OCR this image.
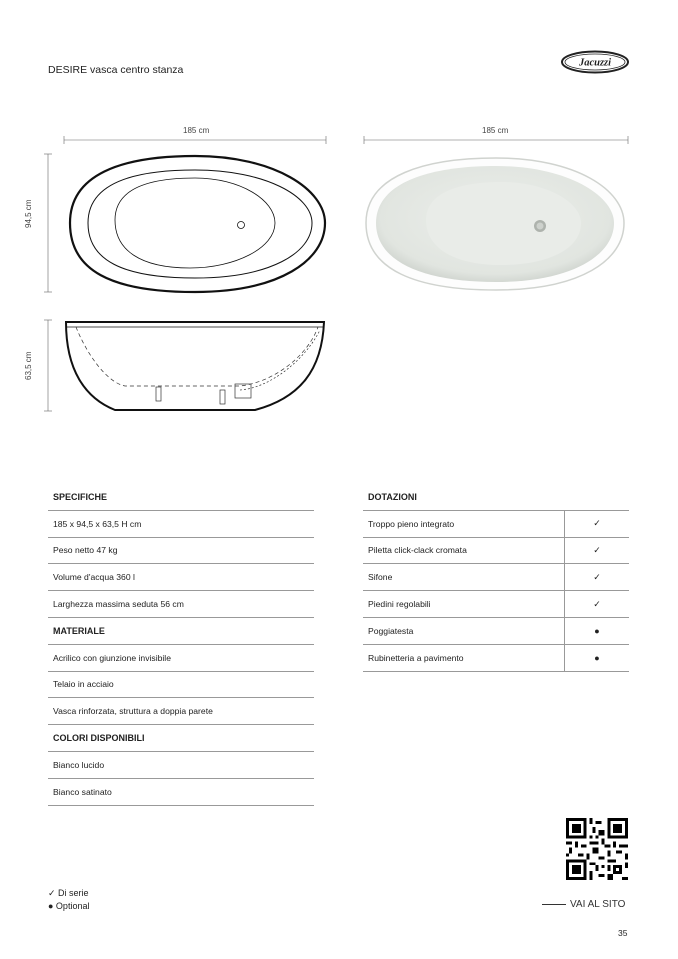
DESIRE vasca centro stanza
Jacuzzi
185 cm
94,5 cm
63,5 cm
185 cm
SPECIFICHE
185 x 94,5 x 63,5 H cm
Peso netto 47 kg
Volume d'acqua 360 l
Larghezza massima seduta 56 cm
MATERIALE
Acrilico con giunzione invisibile
Telaio in acciaio
Vasca rinforzata, struttura a doppia parete
COLORI DISPONIBILI
Bianco lucido
Bianco satinato
DOTAZIONI
Troppo pieno integrato	✓
Piletta click-clack cromata	✓
Sifone	✓
Piedini regolabili	✓
Poggiatesta	●
Rubinetteria a pavimento	●
✓ Di serie
● Optional	VAI AL SITO
35
